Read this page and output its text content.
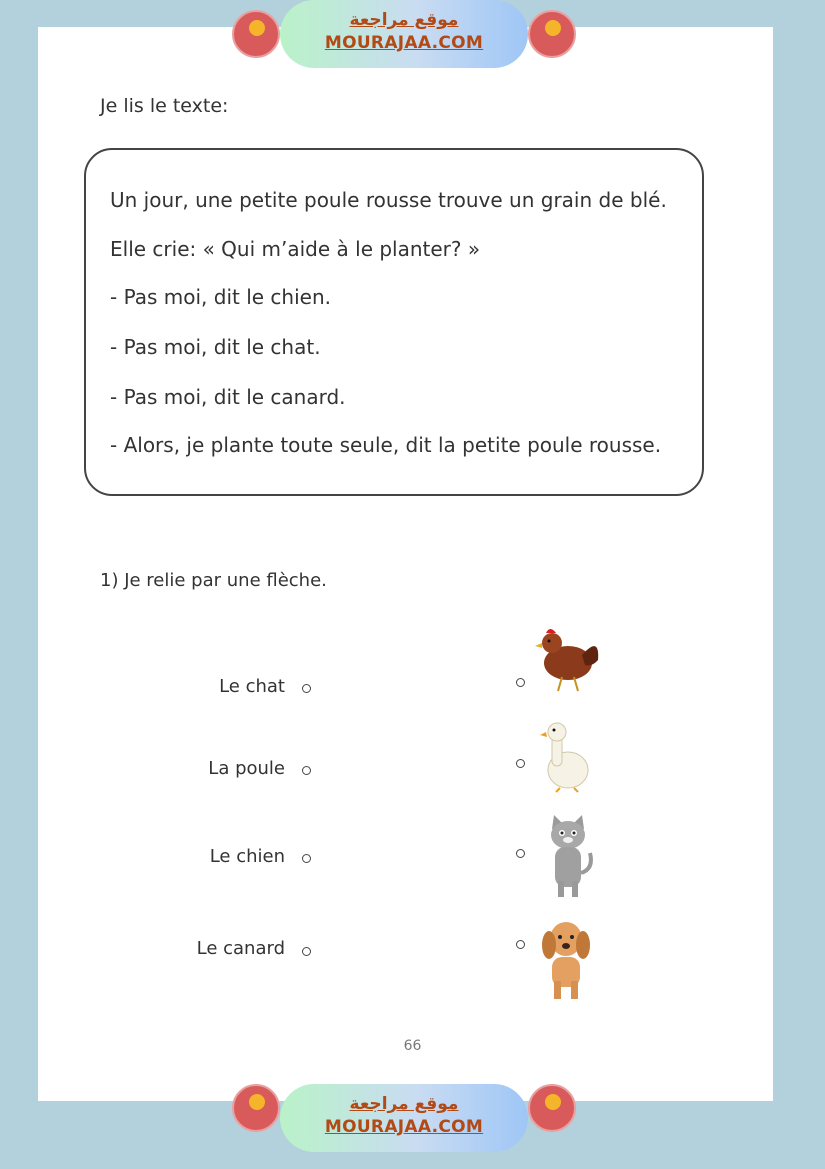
موقع مراجعة
MOURAJAA.COM
Je lis le texte:
Un jour, une petite poule rousse trouve un grain de blé.
Elle crie: « Qui m’aide à le planter? »
- Pas moi, dit le chien.
- Pas moi, dit le chat.
- Pas moi, dit le canard.
- Alors, je plante toute seule, dit la petite poule rousse.
1) Je relie par une flèche.
Le chat
La poule
Le chien
Le canard
66
موقع مراجعة
MOURAJAA.COM
